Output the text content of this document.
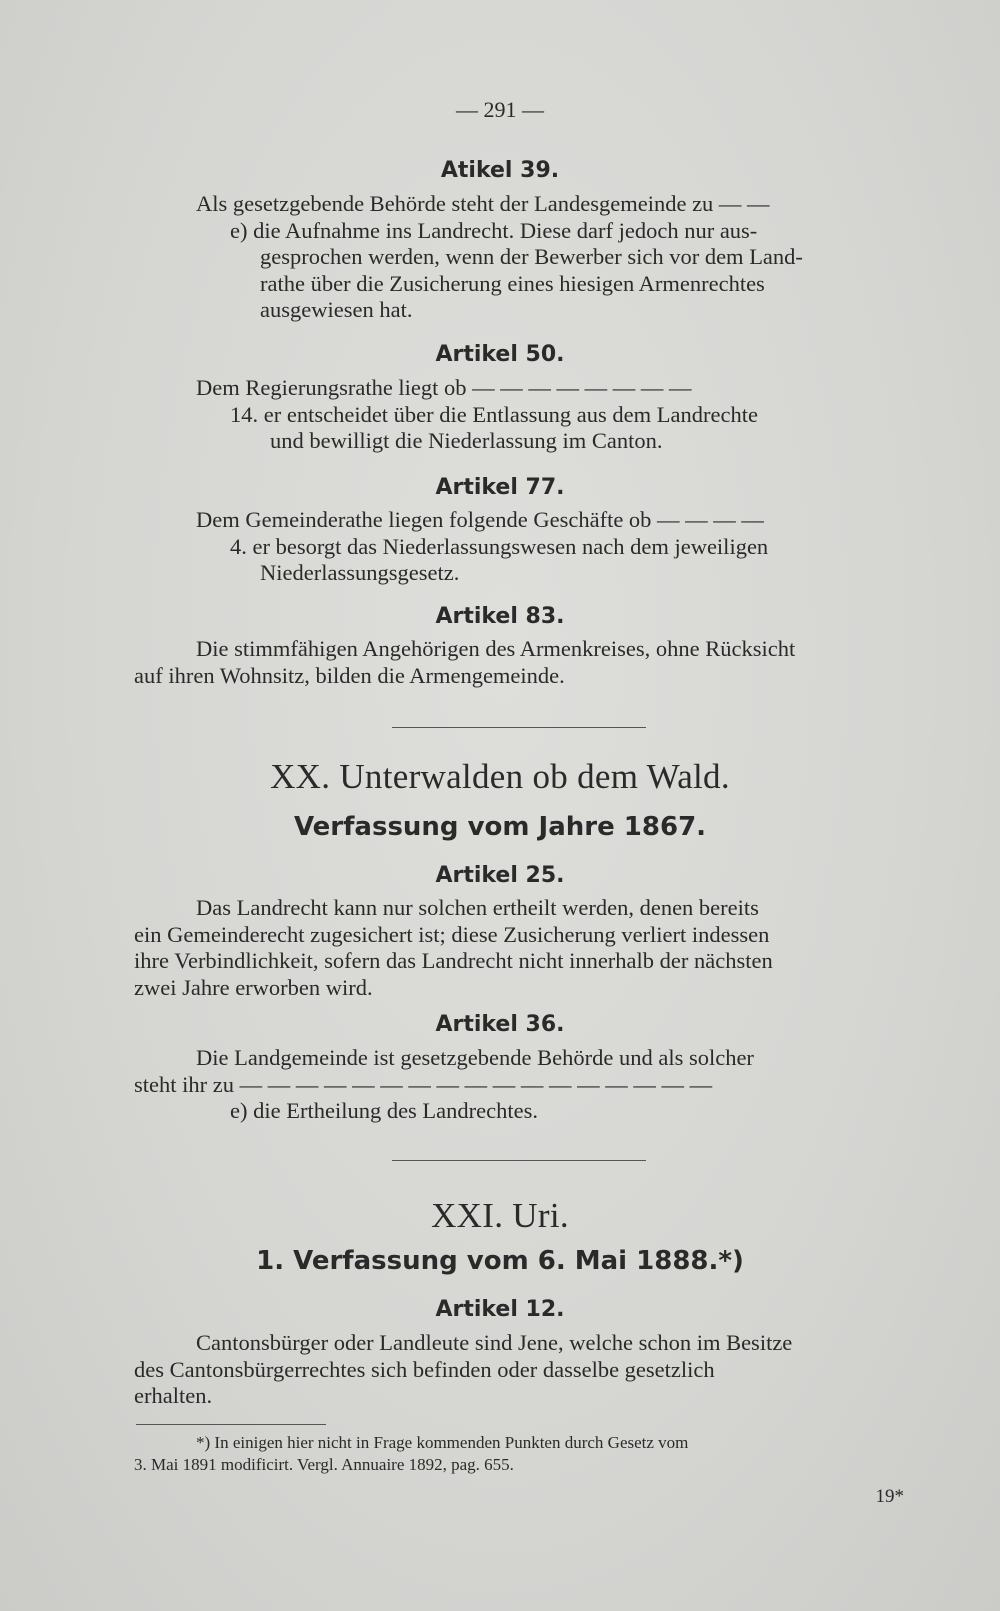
— 291 —
Atikel 39.
Als gesetzgebende Behörde steht der Landesgemeinde zu — —
e) die Aufnahme ins Landrecht. Diese darf jedoch nur aus-
gesprochen werden, wenn der Bewerber sich vor dem Land-
rathe über die Zusicherung eines hiesigen Armenrechtes
ausgewiesen hat.
Artikel 50.
Dem Regierungsrathe liegt ob — — — — — — — —
14. er entscheidet über die Entlassung aus dem Landrechte
und bewilligt die Niederlassung im Canton.
Artikel 77.
Dem Gemeinderathe liegen folgende Geschäfte ob — — — —
4. er besorgt das Niederlassungswesen nach dem jeweiligen
Niederlassungsgesetz.
Artikel 83.
Die stimmfähigen Angehörigen des Armenkreises, ohne Rücksicht
auf ihren Wohnsitz, bilden die Armengemeinde.
XX. Unterwalden ob dem Wald.
Verfassung vom Jahre 1867.
Artikel 25.
Das Landrecht kann nur solchen ertheilt werden, denen bereits
ein Gemeinderecht zugesichert ist; diese Zusicherung verliert indessen
ihre Verbindlichkeit, sofern das Landrecht nicht innerhalb der nächsten
zwei Jahre erworben wird.
Artikel 36.
Die Landgemeinde ist gesetzgebende Behörde und als solcher
steht ihr zu — — — — — — — — — — — — — — — — —
e) die Ertheilung des Landrechtes.
XXI. Uri.
1. Verfassung vom 6. Mai 1888.*)
Artikel 12.
Cantonsbürger oder Landleute sind Jene, welche schon im Besitze
des Cantonsbürgerrechtes sich befinden oder dasselbe gesetzlich
erhalten.
*) In einigen hier nicht in Frage kommenden Punkten durch Gesetz vom
3. Mai 1891 modificirt. Vergl. Annuaire 1892, pag. 655.
19*
